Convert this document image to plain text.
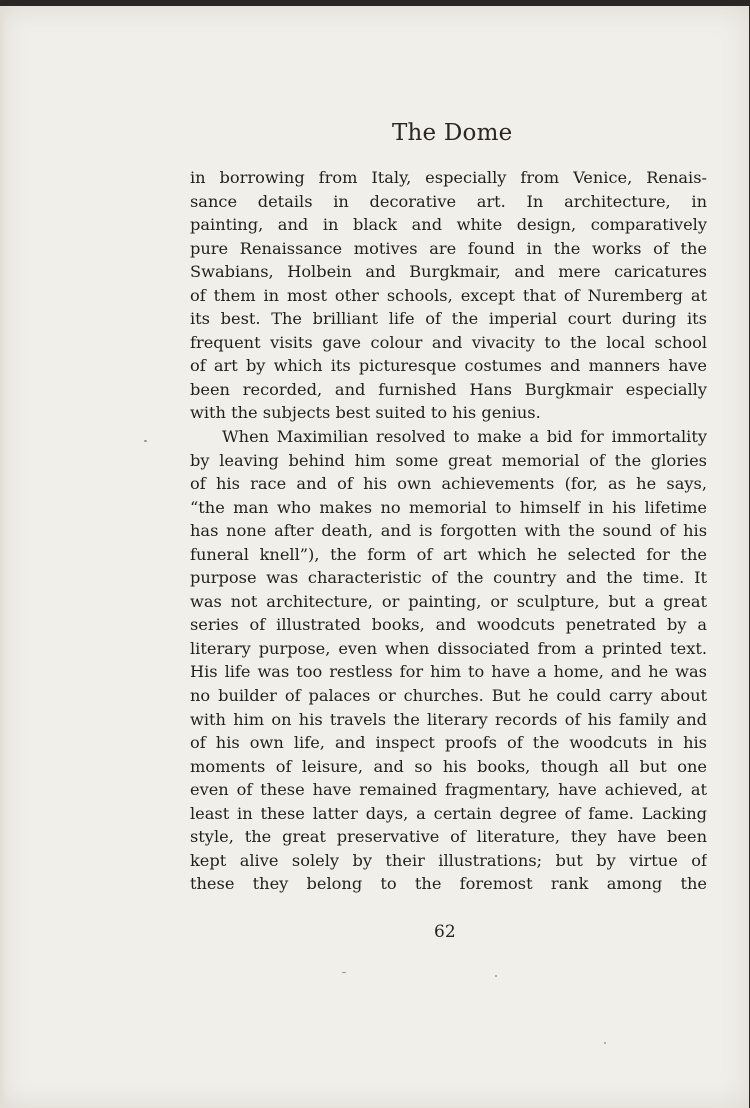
The Dome
in borrowing from Italy, especially from Venice, Renais-
sance details in decorative art. In architecture, in
painting, and in black and white design, comparatively
pure Renaissance motives are found in the works of the
Swabians, Holbein and Burgkmair, and mere caricatures
of them in most other schools, except that of Nuremberg at
its best. The brilliant life of the imperial court during its
frequent visits gave colour and vivacity to the local school
of art by which its picturesque costumes and manners have
been recorded, and furnished Hans Burgkmair especially
with the subjects best suited to his genius.
When Maximilian resolved to make a bid for immortality
by leaving behind him some great memorial of the glories
of his race and of his own achievements (for, as he says,
“the man who makes no memorial to himself in his lifetime
has none after death, and is forgotten with the sound of his
funeral knell”), the form of art which he selected for the
purpose was characteristic of the country and the time. It
was not architecture, or painting, or sculpture, but a great
series of illustrated books, and woodcuts penetrated by a
literary purpose, even when dissociated from a printed text.
His life was too restless for him to have a home, and he was
no builder of palaces or churches. But he could carry about
with him on his travels the literary records of his family and
of his own life, and inspect proofs of the woodcuts in his
moments of leisure, and so his books, though all but one
even of these have remained fragmentary, have achieved, at
least in these latter days, a certain degree of fame. Lacking
style, the great preservative of literature, they have been
kept alive solely by their illustrations; but by virtue of
these they belong to the foremost rank among the
62
